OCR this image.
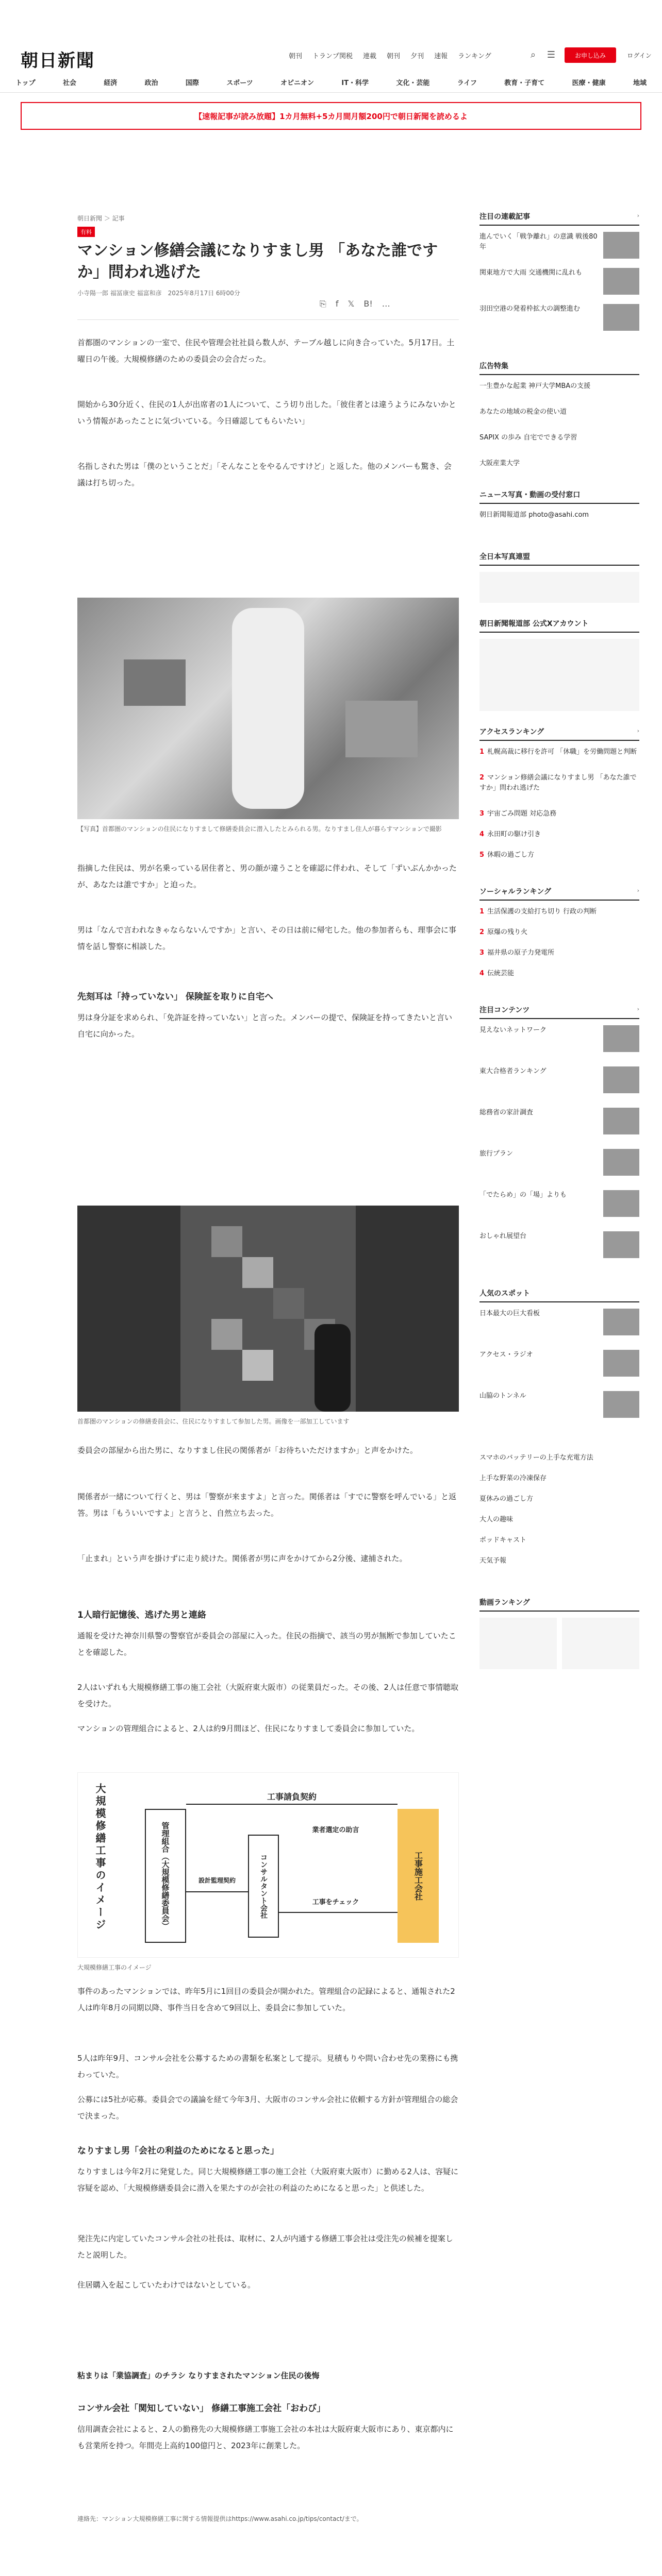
朝日新聞	朝刊 トランプ関税 連載 朝刊 夕刊 速報 ランキング	⌕	☰	お申し込み	ログイン
トップ	社会	経済	政治	国際	スポーツ	オピニオン	IT・科学	文化・芸能	ライフ	教育・子育て	医療・健康	地域
【速報記事が読み放題】1カ月無料+5カ月間月額200円で朝日新聞を読めるよ
朝日新聞 ＞ 記事
有料
マンション修繕会議になりすまし男 「あなた誰ですか」問われ逃げた
小寺陽一郎 福冨康史 福富和彦　2025年8月17日 6時00分
⎘ f 𝕏 B! …

首都圏のマンションの一室で、住民や管理会社社員ら数人が、テーブル越しに向き合っていた。5月17日。土曜日の午後。大規模修繕のための委員会の会合だった。

開始から30分近く、住民の1人が出席者の1人について、こう切り出した。「彼住者とは違うようにみないかという情報があったことに気づいている。今日確認してもらいたい」

名指しされた男は「僕のということだ」「そんなことをやるんですけど」と返した。他のメンバーも驚き、会議は打ち切った。

【写真】首都圏のマンションの住民になりすまして修繕委員会に潜入したとみられる男。なりすまし住人が暮らすマンションで撮影

指摘した住民は、男が名乗っている居住者と、男の顔が違うことを確認に伴われ、そして「ずいぶんかかったが、あなたは誰ですか」と迫った。

男は「なんで言われなきゃならないんですか」と言い、その日は前に帰宅した。他の参加者らも、理事会に事情を話し警察に相談した。

先刻耳は「持っていない」 保険証を取りに自宅へ

男は身分証を求められ、「免許証を持っていない」と言った。メンバーの提で、保険証を持ってきたいと言い自宅に向かった。

首都圏のマンションの修繕委員会に、住民になりすまして参加した男。画像を一部加工しています

委員会の部屋から出た男に、なりすまし住民の関係者が「お待ちいただけますか」と声をかけた。

関係者が一緒について行くと、男は「警察が来ますよ」と言った。関係者は「すでに警察を呼んでいる」と返答。男は「もういいですよ」と言うと、自然立ち去った。

「止まれ」という声を掛けずに走り続けた。関係者が男に声をかけてから2分後、逮捕された。

1人暗行記憶後、逃げた男と連絡

通報を受けた神奈川県警の警察官が委員会の部屋に入った。住民の指摘で、該当の男が無断で参加していたことを確認した。

2人はいずれも大規模修繕工事の施工会社（大阪府東大阪市）の従業員だった。その後、2人は任意で事情聴取を受けた。

マンションの管理組合によると、2人は約9月間ほど、住民になりすまして委員会に参加していた。

大規模修繕工事のイメージ	管理組合（大規模修繕委員会）	コンサルタント会社	工事施工会社
工事請負契約
設計監理契約
業者選定の助言
工事をチェック
大規模修繕工事のイメージ

事件のあったマンションでは、昨年5月に1回目の委員会が開かれた。管理組合の記録によると、通報された2人は昨年8月の同期以降、事件当日を含めて9回以上、委員会に参加していた。

5人は昨年9月、コンサル会社を公募するための書類を私案として提示。見積もりや問い合わせ先の業務にも携わっていた。

公募には5社が応募。委員会での議論を経て今年3月、大阪市のコンサル会社に依頼する方針が管理組合の総会で決まった。

なりすまし男「会社の利益のためになると思った」

なりすましは今年2月に発覚した。同じ大規模修繕工事の施工会社（大阪府東大阪市）に勤める2人は、容疑に容疑を認め、「大規模修繕委員会に潜入を果たすのが会社の利益のためになると思った」と供述した。

発注先に内定していたコンサル会社の社長は、取材に、2人が内通する修繕工事会社は受注先の候補を提案したと説明した。

住居購入を起こしていたわけではないとしている。

粘まりは「業協調査」のチラシ なりすまされたマンション住民の後悔
コンサル会社「関知していない」 修繕工事施工会社「おわび」

信用調査会社によると、2人の勤務先の大規模修繕工事施工会社の本社は大阪府東大阪市にあり、東京都内にも営業所を持つ。年間売上高約100億円と、2023年に創業した。

連絡先：マンション大規模修繕工事に関する情報提供はhttps://www.asahi.co.jp/tips/contact/まで。
注目の連載記事	›
進んでいく「戦争離れ」の意識 戦後80年
関東地方で大雨 交通機関に乱れも
羽田空港の発着枠拡大の調整進む
広告特集
一生豊かな起業 神戸大学MBAの支援
あなたの地域の税金の使い道
SAPIX の歩み 自宅でできる学習
大阪産業大学
ニュース写真・動画の受付窓口
朝日新聞報道部 photo@asahi.com
全日本写真連盟
朝日新聞報道部 公式Xアカウント
アクセスランキング	›
1 札幌高裁に移行を許可 「休職」を労働問題と判断
2 マンション修繕会議になりすまし男 「あなた誰ですか」問われ逃げた
3 宇宙ごみ問題 対応急務
4 永田町の駆け引き
5 休暇の過ごし方
ソーシャルランキング	›
1 生活保護の支給打ち切り 行政の判断
2 原爆の残り火
3 福井県の原子力発電所
4 伝統芸能
注目コンテンツ	›
見えないネットワーク
東大合格者ランキング
総務省の家計調査
旅行プラン
「でたらめ」の「場」よりも
おしゃれ展望台
人気のスポット
日本最大の巨大看板
アクセス・ラジオ
山脇のトンネル
スマホのバッテリーの上手な充電方法
上手な野菜の冷凍保存
夏休みの過ごし方
大人の趣味
ポッドキャスト
天気予報
動画ランキング
